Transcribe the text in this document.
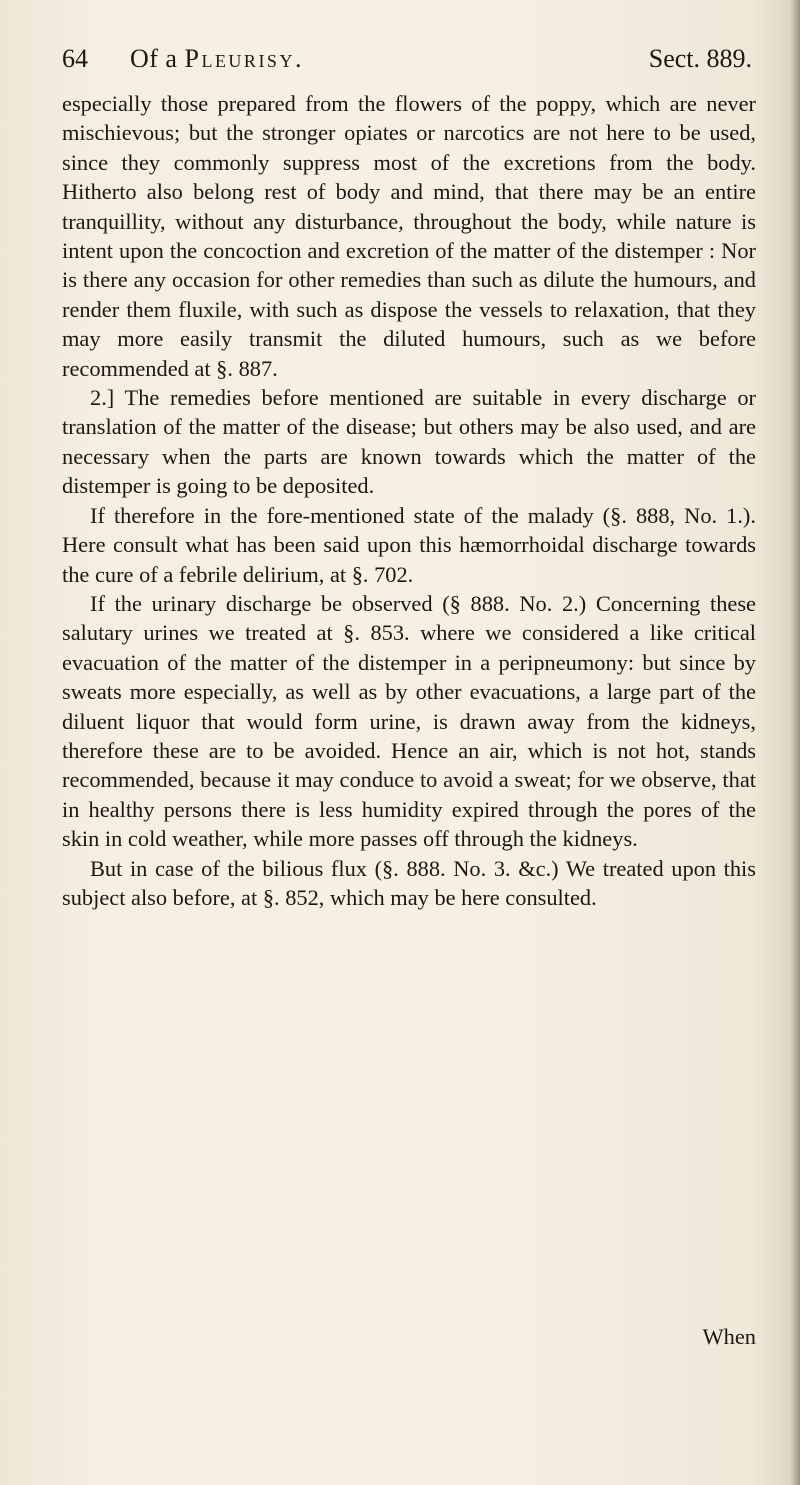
64 Of a Pleurisy.	Sect. 889.

especially those prepared from the flowers of the poppy, which are never mischievous; but the stronger opiates or narcotics are not here to be used, since they commonly suppress most of the excretions from the body. Hitherto also belong rest of body and mind, that there may be an entire tranquillity, without any disturbance, throughout the body, while nature is intent upon the concoction and excretion of the matter of the distemper : Nor is there any occasion for other remedies than such as dilute the humours, and render them fluxile, with such as dispose the vessels to relaxation, that they may more easily transmit the diluted humours, such as we before recommended at §. 887.

2.] The remedies before mentioned are suitable in every discharge or translation of the matter of the disease; but others may be also used, and are necessary when the parts are known towards which the matter of the distemper is going to be deposited.

If therefore in the fore-mentioned state of the malady (§. 888, No. 1.). Here consult what has been said upon this hæmorrhoidal discharge towards the cure of a febrile delirium, at §. 702.

If the urinary discharge be observed (§ 888. No. 2.) Concerning these salutary urines we treated at §. 853. where we considered a like critical evacuation of the matter of the distemper in a peripneumony: but since by sweats more especially, as well as by other evacuations, a large part of the diluent liquor that would form urine, is drawn away from the kidneys, therefore these are to be avoided. Hence an air, which is not hot, stands recommended, because it may conduce to avoid a sweat; for we observe, that in healthy persons there is less humidity expired through the pores of the skin in cold weather, while more passes off through the kidneys.

But in case of the bilious flux (§. 888. No. 3. &c.) We treated upon this subject also before, at §. 852, which may be here consulted.

When
